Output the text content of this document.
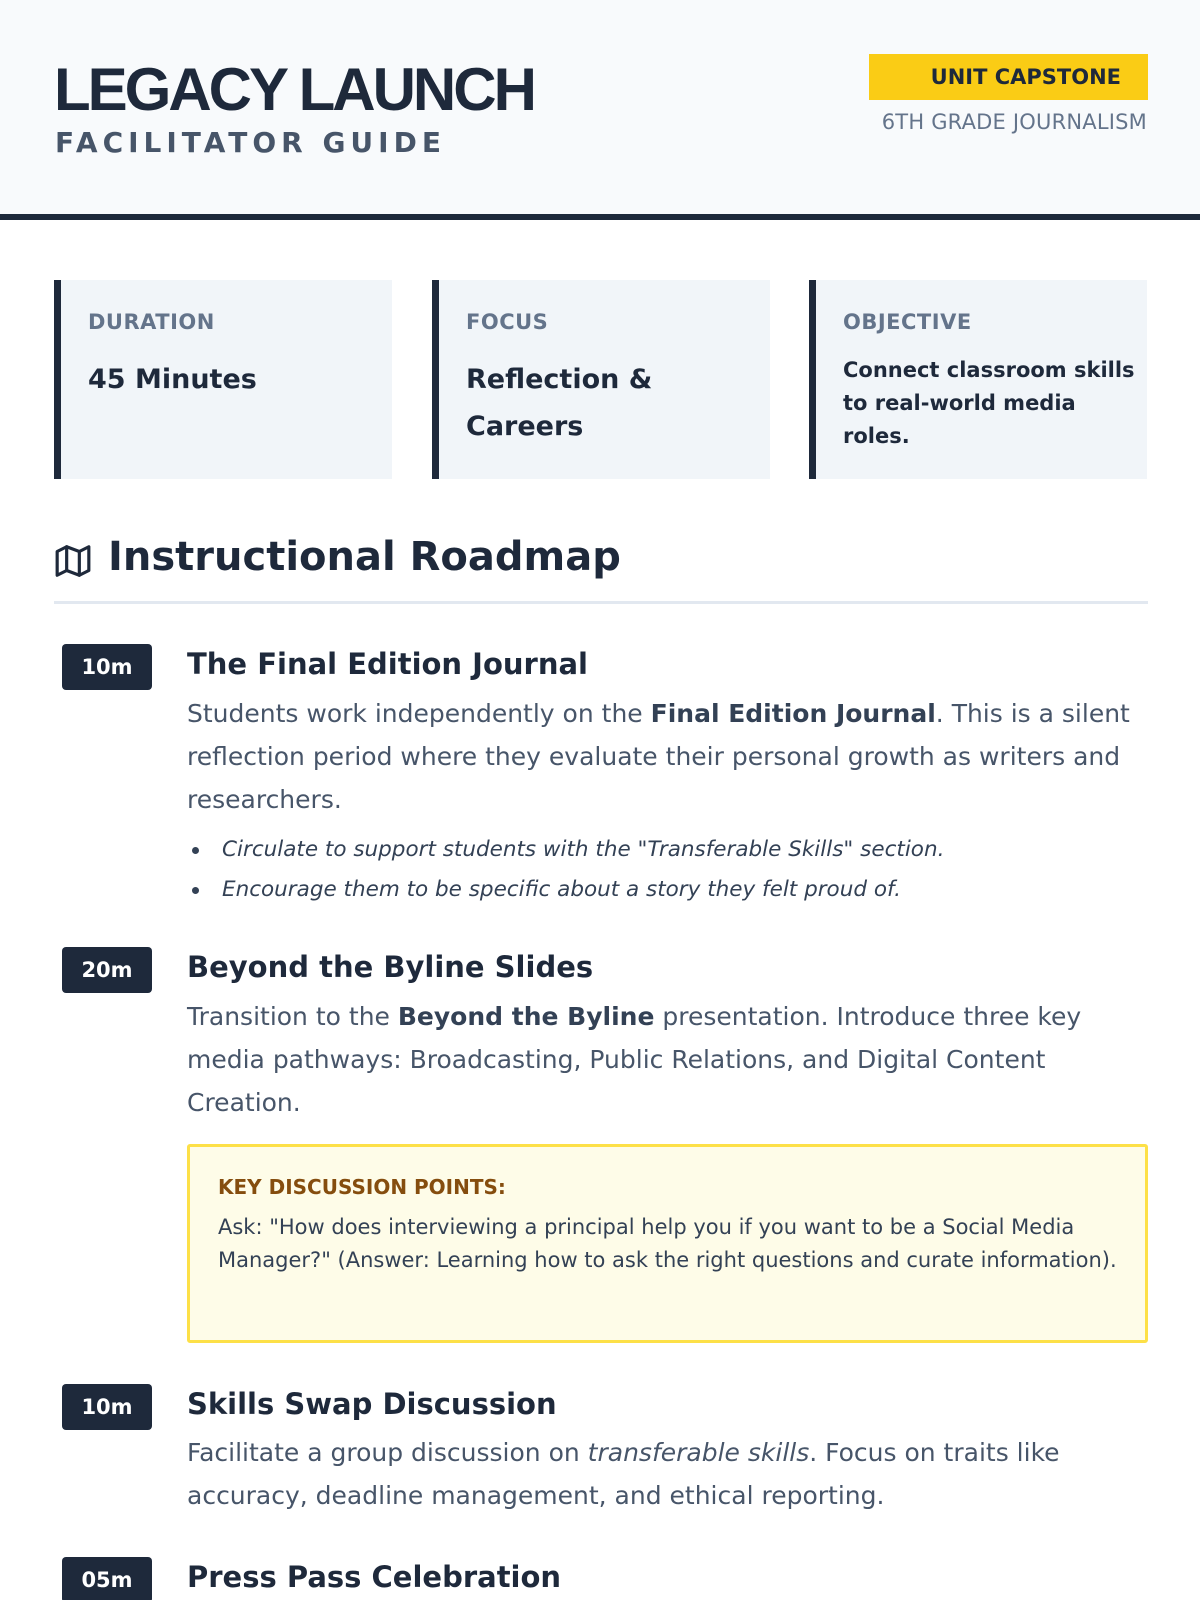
LEGACY LAUNCH
FACILITATOR GUIDE
UNIT CAPSTONE
6TH GRADE JOURNALISM
DURATION
45 Minutes
FOCUS
Reflection & Careers
OBJECTIVE
Connect classroom skills to real-world media roles.
Instructional Roadmap
10m	The Final Edition Journal
Students work independently on the Final Edition Journal. This is a silent reflection period where they evaluate their personal growth as writers and researchers.
Circulate to support students with the "Transferable Skills" section.
Encourage them to be specific about a story they felt proud of.
20m	Beyond the Byline Slides
Transition to the Beyond the Byline presentation. Introduce three key media pathways: Broadcasting, Public Relations, and Digital Content Creation.
KEY DISCUSSION POINTS:
Ask: "How does interviewing a principal help you if you want to be a Social Media Manager?" (Answer: Learning how to ask the right questions and curate information).
10m	Skills Swap Discussion
Facilitate a group discussion on transferable skills. Focus on traits like accuracy, deadline management, and ethical reporting.
05m	Press Pass Celebration
